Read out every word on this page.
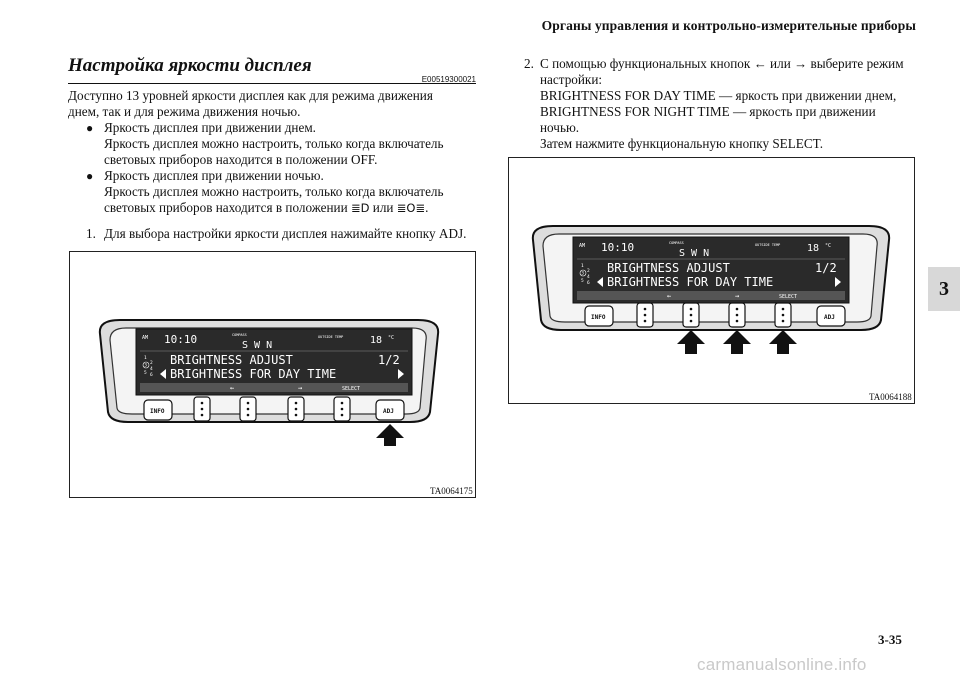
Органы управления и контрольно-измерительные приборы
Настройка яркости дисплея
E00519300021
Доступно 13 уровней яркости дисплея как для режима движения
днем, так и для режима движения ночью.
● Яркость дисплея при движении днем.
Яркость дисплея можно настроить, только когда включатель
световых приборов находится в положении OFF.
● Яркость дисплея при движении ночью.
Яркость дисплея можно настроить, только когда включатель
световых приборов находится в положении ≣D или ≣O≣.
1. Для выбора настройки яркости дисплея нажимайте кнопку ADJ.
2. С помощью функциональных кнопок ← или → выберите режим
настройки:
BRIGHTNESS FOR DAY TIME — яркость при движении днем,
BRIGHTNESS FOR NIGHT TIME — яркость при движении
ночью.
Затем нажмите функциональную кнопку SELECT.
AM 10:10	COMPASS
S W N
OUTSIDE TEMP	18 °C
1
2
3
4
5 6
BRIGHTNESS ADJUST	1/2
BRIGHTNESS FOR DAY TIME
←	→	SELECT
INFO	ADJ
TA0064175
AM 10:10	COMPASS
S W N
OUTSIDE TEMP	18 °C
1
2
3
4
5 6
BRIGHTNESS ADJUST	1/2
BRIGHTNESS FOR DAY TIME
←	→	SELECT
INFO	ADJ
TA0064188
3
3-35
carmanualsonline.info
